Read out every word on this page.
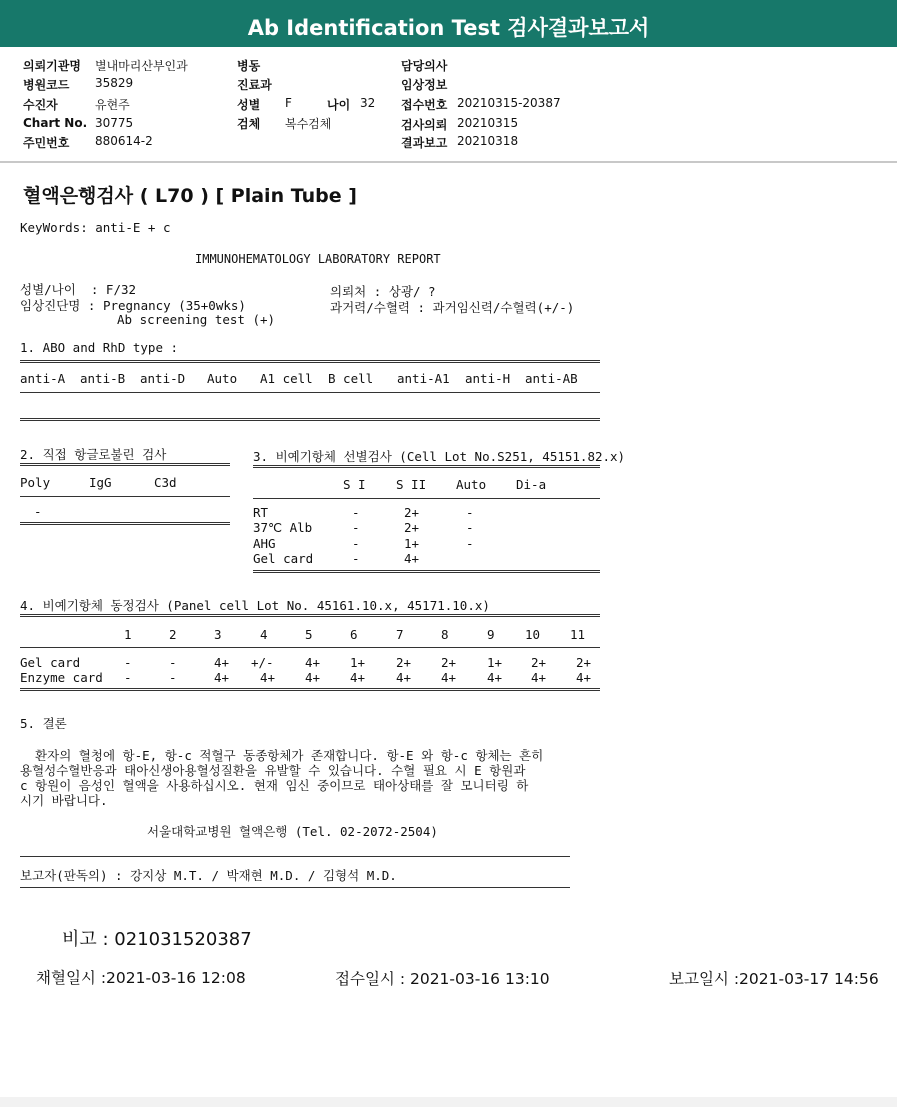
Ab Identification Test 검사결과보고서
의뢰기관명 별내마리산부인과
병원코드 35829
수진자	유현주
Chart No. 30775
주민번호 880614-2
병동
진료과
성별 F	나이 32
검체 복수검체
담당의사
임상정보
접수번호 20210315-20387
검사의뢰 20210315
결과보고 20210318
혈액은행검사 ( L70 ) [ Plain Tube ]
KeyWords: anti-E + c
IMMUNOHEMATOLOGY LABORATORY REPORT
성별/나이  : F/32
임상진단명 : Pregnancy (35+0wks)
Ab screening test (+)
의뢰처 : 상광/ ?
과거력/수혈력 : 과거임신력/수혈력(+/-)
1. ABO and RhD type :
anti-A anti-B anti-D Auto A1 cell B cell anti-A1 anti-H anti-AB
2. 직접 항글로불린 검사
Poly	IgG	C3d
-
3. 비예기항체 선별검사 (Cell Lot No.S251, 45151.82.x)
S I S II Auto Di-a
RT	-	2+	-
37℃ Alb	-	2+	-
AHG	-	1+	-
Gel card	-	4+
4. 비예기항체 동정검사 (Panel cell Lot No. 45161.10.x, 45171.10.x)
1	2	3	4	5	6	7	8	9 10 11
Gel card	-	-	4+ +/-	4+ 1+ 2+ 2+ 1+ 2+ 2+
Enzyme card -	-	4+ 4+ 4+ 4+ 4+ 4+ 4+ 4+ 4+
5. 결론
환자의 혈청에 항-E, 항-c 적혈구 동종항체가 존재합니다. 항-E 와 항-c 항체는 흔히
용혈성수혈반응과 태아신생아용혈성질환을 유발할 수 있습니다. 수혈 필요 시 E 항원과
c 항원이 음성인 혈액을 사용하십시오. 현재 임신 중이므로 태아상태를 잘 모니터링 하
시기 바랍니다.
서울대학교병원 혈액은행 (Tel. 02-2072-2504)
보고자(판독의) : 강지상 M.T. / 박재현 M.D. / 김형석 M.D.
비고 : 021031520387
채혈일시 :2021-03-16 12:08	접수일시 : 2021-03-16 13:10	보고일시 :2021-03-17 14:56
